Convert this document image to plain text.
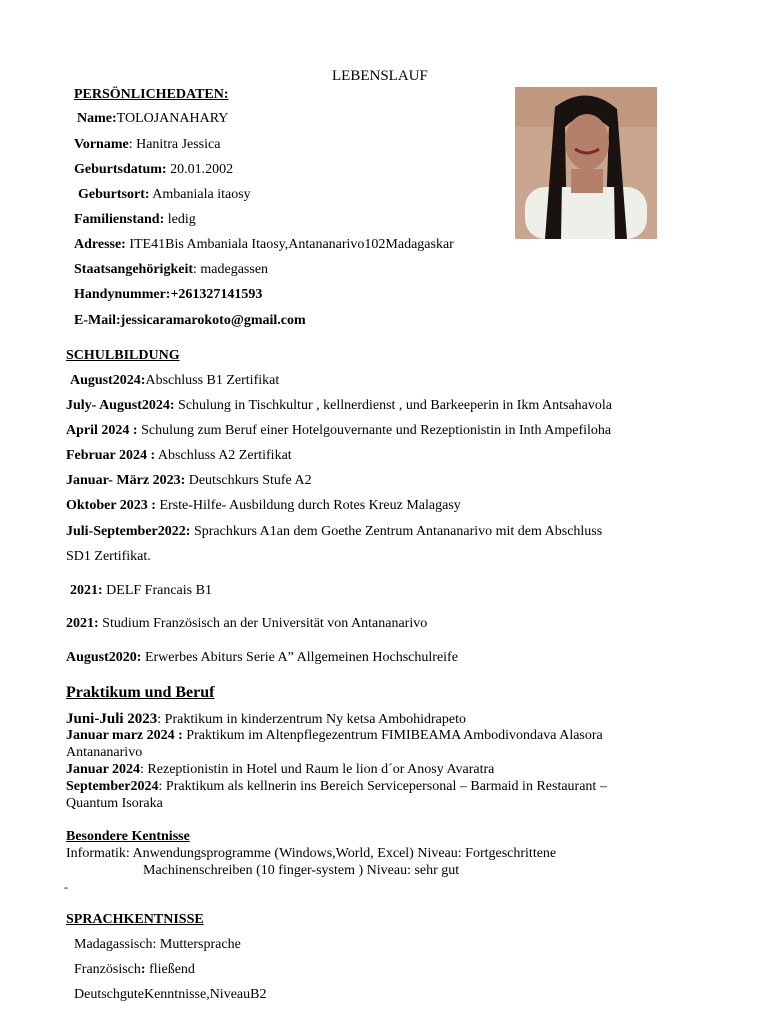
LEBENSLAUF
PERSÖNLICHEDATEN:
Name:TOLOJANAHARY
Vorname: Hanitra Jessica
Geburtsdatum: 20.01.2002
Geburtsort: Ambaniala itaosy
Familienstand: ledig
Adresse: ITE41Bis Ambaniala Itaosy,Antananarivo102Madagaskar
Staatsangehörigkeit: madegassen
Handynummer:+261327141593
E-Mail:jessicaramarokoto@gmail.com
SCHULBILDUNG
August2024:Abschluss B1 Zertifikat
July- August2024: Schulung in Tischkultur , kellnerdienst , und Barkeeperin in Ikm Antsahavola
April 2024 : Schulung zum Beruf einer Hotelgouvernante und Rezeptionistin in Inth Ampefiloha
Februar 2024 : Abschluss A2 Zertifikat
Januar- März 2023: Deutschkurs Stufe A2
Oktober 2023 : Erste-Hilfe- Ausbildung durch Rotes Kreuz Malagasy
Juli-September2022: Sprachkurs A1an dem Goethe Zentrum Antananarivo mit dem Abschluss
SD1 Zertifikat.
2021: DELF Francais B1
2021: Studium Französisch an der Universität von Antananarivo
August2020: Erwerbes Abiturs Serie A” Allgemeinen Hochschulreife
Praktikum und Beruf
Juni-Juli 2023: Praktikum in kinderzentrum Ny ketsa Ambohidrapeto
Januar marz 2024 : Praktikum im Altenpflegezentrum FIMIBEAMA Ambodivondava Alasora
Antananarivo
Januar 2024: Rezeptionistin in Hotel und Raum le lion d´or Anosy Avaratra
September2024: Praktikum als kellnerin ins Bereich Servicepersonal – Barmaid in Restaurant –
Quantum Isoraka
Besondere Kentnisse
Informatik: Anwendungsprogramme (Windows,World, Excel) Niveau: Fortgeschrittene
Machinenschreiben (10 finger-system ) Niveau: sehr gut
-
SPRACHKENTNISSE
Madagassisch: Muttersprache
Französisch: fließend
DeutschguteKenntnisse,NiveauB2
